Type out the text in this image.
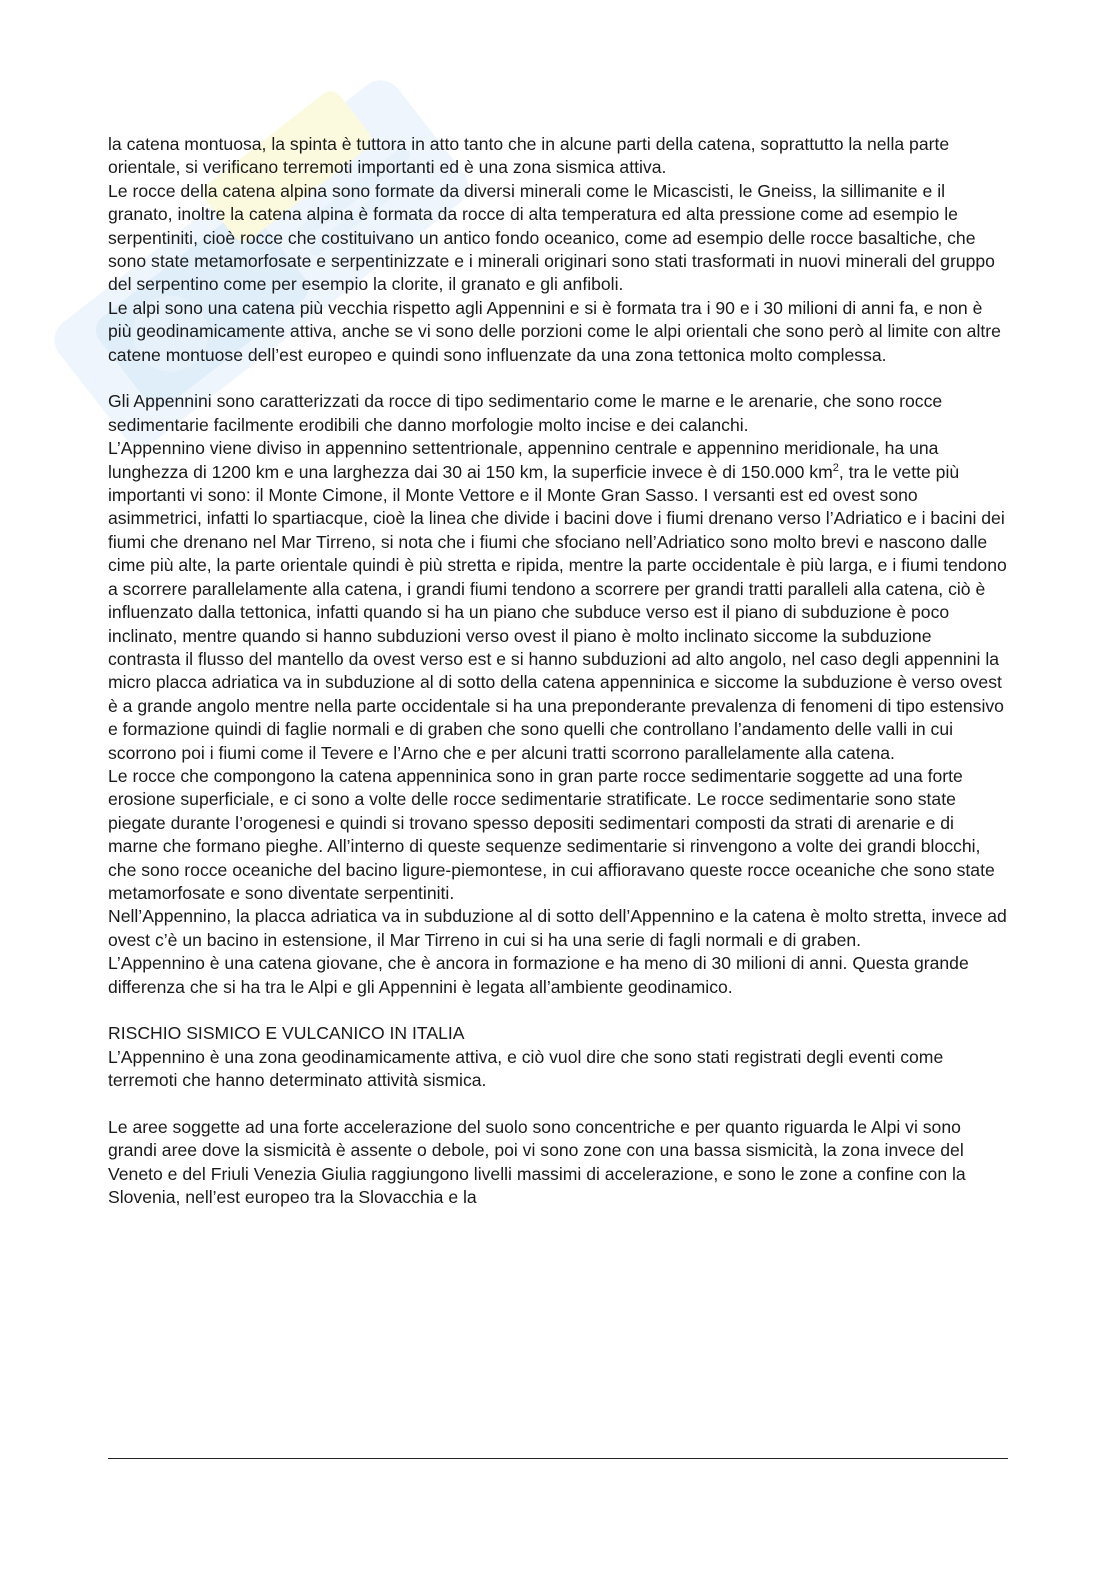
la catena montuosa, la spinta è tuttora in atto tanto che in alcune parti della catena, soprattutto la nella parte orientale, si verificano terremoti importanti ed è una zona sismica attiva.

Le rocce della catena alpina sono formate da diversi minerali come le Micascisti, le Gneiss, la sillimanite e il granato, inoltre la catena alpina è formata da rocce di alta temperatura ed alta pressione come ad esempio le serpentiniti, cioè rocce che costituivano un antico fondo oceanico, come ad esempio delle rocce basaltiche, che sono state metamorfosate e serpentinizzate e i minerali originari sono stati trasformati in nuovi minerali del gruppo del serpentino come per esempio la clorite, il granato e gli anfiboli.

Le alpi sono una catena più vecchia rispetto agli Appennini e si è formata tra i 90 e i 30 milioni di anni fa, e non è più geodinamicamente attiva, anche se vi sono delle porzioni come le alpi orientali che sono però al limite con altre catene montuose dell’est europeo e quindi sono influenzate da una zona tettonica molto complessa.

Gli Appennini sono caratterizzati da rocce di tipo sedimentario come le marne e le arenarie, che sono rocce sedimentarie facilmente erodibili che danno morfologie molto incise e dei calanchi.

L’Appennino viene diviso in appennino settentrionale, appennino centrale e appennino meridionale, ha una lunghezza di 1200 km e una larghezza dai 30 ai 150 km, la superficie invece è di 150.000 $km^2$, tra le vette più importanti vi sono: il Monte Cimone, il Monte Vettore e il Monte Gran Sasso. I versanti est ed ovest sono asimmetrici, infatti lo spartiacque, cioè la linea che divide i bacini dove i fiumi drenano verso l’Adriatico e i bacini dei fiumi che drenano nel Mar Tirreno, si nota che i fiumi che sfociano nell’Adriatico sono molto brevi e nascono dalle cime più alte, la parte orientale quindi è più stretta e ripida, mentre la parte occidentale è più larga, e i fiumi tendono a scorrere parallelamente alla catena, i grandi fiumi tendono a scorrere per grandi tratti paralleli alla catena, ciò è influenzato dalla tettonica, infatti quando si ha un piano che subduce verso est il piano di subduzione è poco inclinato, mentre quando si hanno subduzioni verso ovest il piano è molto inclinato siccome la subduzione contrasta il flusso del mantello da ovest verso est e si hanno subduzioni ad alto angolo, nel caso degli appennini la micro placca adriatica va in subduzione al di sotto della catena appenninica e siccome la subduzione è verso ovest è a grande angolo mentre nella parte occidentale si ha una preponderante prevalenza di fenomeni di tipo estensivo e formazione quindi di faglie normali e di graben che sono quelli che controllano l’andamento delle valli in cui scorrono poi i fiumi come il Tevere e l’Arno che e per alcuni tratti scorrono parallelamente alla catena.

Le rocce che compongono la catena appenninica sono in gran parte rocce sedimentarie soggette ad una forte erosione superficiale, e ci sono a volte delle rocce sedimentarie stratificate. Le rocce sedimentarie sono state piegate durante l’orogenesi e quindi si trovano spesso depositi sedimentari composti da strati di arenarie e di marne che formano pieghe. All’interno di queste sequenze sedimentarie si rinvengono a volte dei grandi blocchi, che sono rocce oceaniche del bacino ligure-piemontese, in cui affioravano queste rocce oceaniche che sono state metamorfosate e sono diventate serpentiniti.

Nell’Appennino, la placca adriatica va in subduzione al di sotto dell’Appennino e la catena è molto stretta, invece ad ovest c’è un bacino in estensione, il Mar Tirreno in cui si ha una serie di fagli normali e di graben.

L’Appennino è una catena giovane, che è ancora in formazione e ha meno di 30 milioni di anni. Questa grande differenza che si ha tra le Alpi e gli Appennini è legata all’ambiente geodinamico.

RISCHIO SISMICO E VULCANICO IN ITALIA

L’Appennino è una zona geodinamicamente attiva, e ciò vuol dire che sono stati registrati degli eventi come terremoti che hanno determinato attività sismica.

Le aree soggette ad una forte accelerazione del suolo sono concentriche e per quanto riguarda le Alpi vi sono grandi aree dove la sismicità è assente o debole, poi vi sono zone con una bassa sismicità, la zona invece del Veneto e del Friuli Venezia Giulia raggiungono livelli massimi di accelerazione, e sono le zone a confine con la Slovenia, nell’est europeo tra la Slovacchia e la
